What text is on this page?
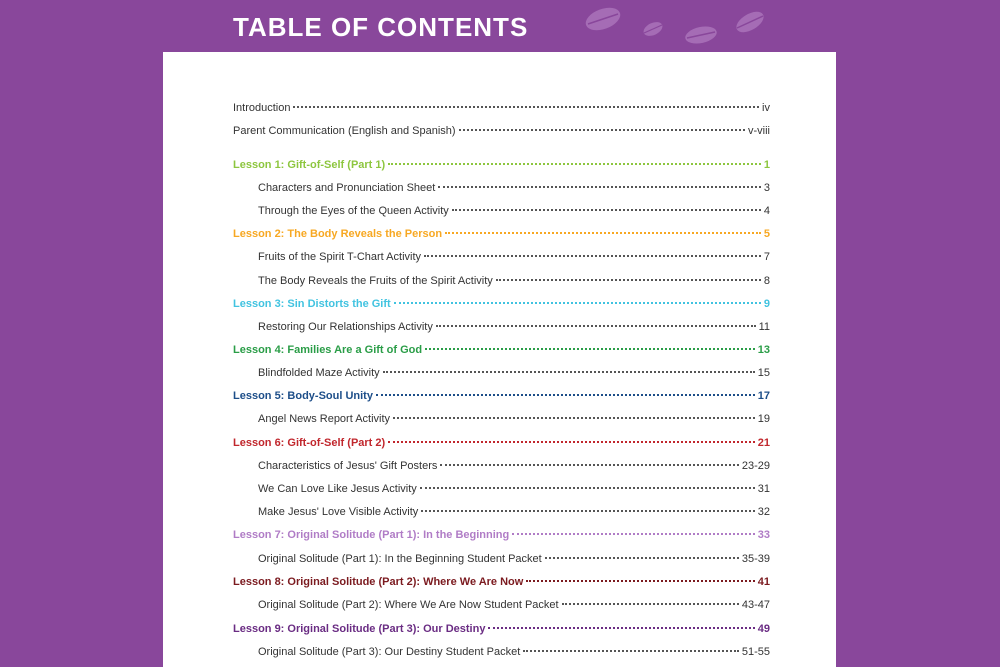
TABLE OF CONTENTS
Introduction	iv
Parent Communication (English and Spanish)	v-viii
Lesson 1: Gift-of-Self (Part 1)	1
Characters and Pronunciation Sheet	3
Through the Eyes of the Queen Activity	4
Lesson 2: The Body Reveals the Person	5
Fruits of the Spirit T-Chart Activity	7
The Body Reveals the Fruits of the Spirit Activity	8
Lesson 3: Sin Distorts the Gift	9
Restoring Our Relationships Activity	11
Lesson 4: Families Are a Gift of God	13
Blindfolded Maze Activity	15
Lesson 5: Body-Soul Unity	17
Angel News Report Activity	19
Lesson 6: Gift-of-Self (Part 2)	21
Characteristics of Jesus' Gift Posters	23-29
We Can Love Like Jesus Activity	31
Make Jesus' Love Visible Activity	32
Lesson 7: Original Solitude (Part 1): In the Beginning	33
Original Solitude (Part 1): In the Beginning Student Packet	35-39
Lesson 8: Original Solitude (Part 2): Where We Are Now	41
Original Solitude (Part 2): Where We Are Now Student Packet	43-47
Lesson 9: Original Solitude (Part 3): Our Destiny	49
Original Solitude (Part 3): Our Destiny Student Packet	51-55
